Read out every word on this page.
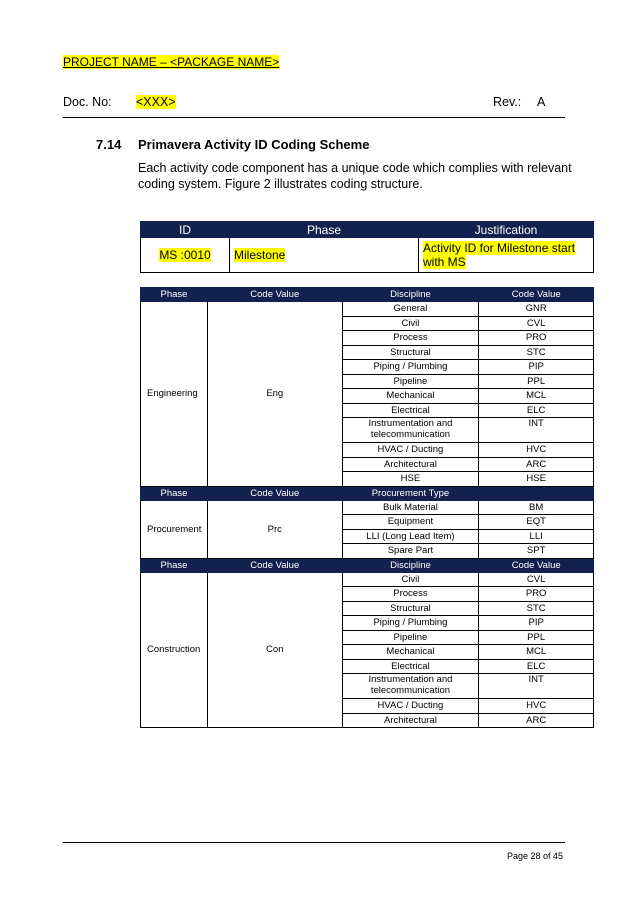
PROJECT NAME – <PACKAGE NAME>
Doc. No: <XXX>	Rev.: A
7.14 Primavera Activity ID Coding Scheme
Each activity code component has a unique code which complies with relevant coding system. Figure 2 illustrates coding structure.
ID	Phase	Justification
MS :0010	Milestone	Activity ID for Milestone start with MS
Phase	Code Value	Discipline	Code Value
Engineering	Eng	General	GNR
		Civil	CVL
		Process	PRO
		Structural	STC
		Piping / Plumbing	PIP
		Pipeline	PPL
		Mechanical	MCL
		Electrical	ELC
		Instrumentation and telecommunication	INT
		HVAC / Ducting	HVC
		Architectural	ARC
		HSE	HSE
Phase	Code Value	Procurement Type	
Procurement	Prc	Bulk Material	BM
		Equipment	EQT
		LLI (Long Lead Item)	LLI
		Spare Part	SPT
Phase	Code Value	Discipline	Code Value
Construction	Con	Civil	CVL
		Process	PRO
		Structural	STC
		Piping / Plumbing	PIP
		Pipeline	PPL
		Mechanical	MCL
		Electrical	ELC
		Instrumentation and telecommunication	INT
		HVAC / Ducting	HVC
		Architectural	ARC
Page 28 of 45
